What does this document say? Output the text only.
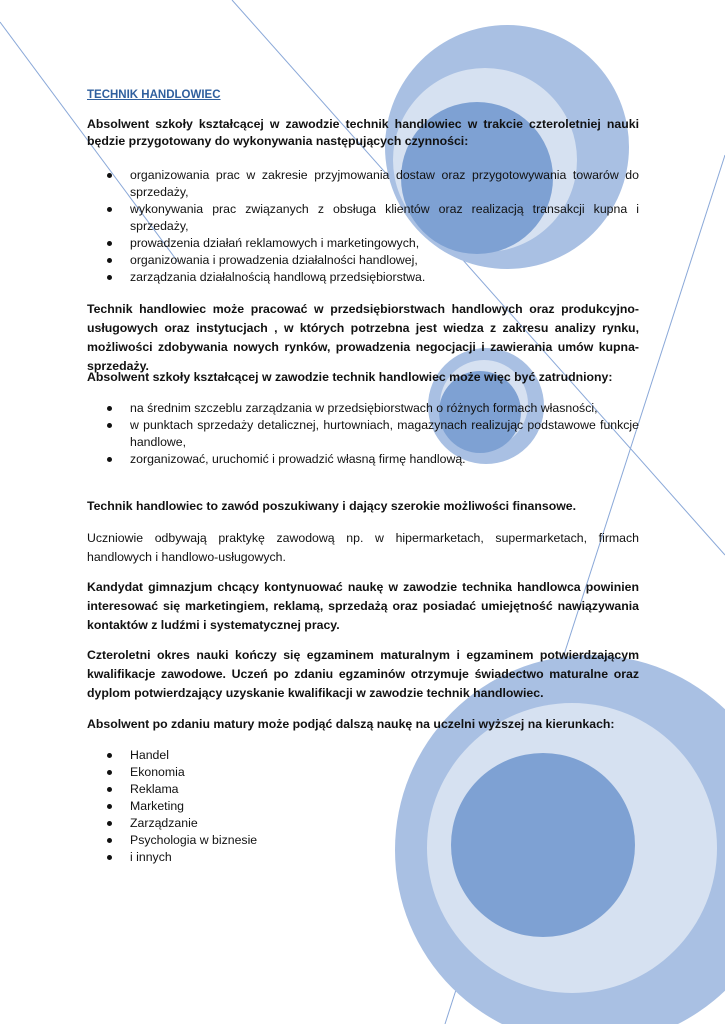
TECHNIK HANDLOWIEC

Absolwent szkoły kształcącej w zawodzie technik handlowiec w trakcie czteroletniej nauki będzie przygotowany do wykonywania następujących czynności:

organizowania prac w zakresie przyjmowania dostaw oraz przygotowywania towarów do sprzedaży,
wykonywania prac związanych z obsługa klientów oraz realizacją transakcji kupna i sprzedaży,
prowadzenia działań reklamowych i marketingowych,
organizowania i prowadzenia działalności handlowej,
zarządzania działalnością handlową przedsiębiorstwa.

Technik handlowiec może pracować w przedsiębiorstwach handlowych oraz produkcyjno-usługowych oraz instytucjach , w których potrzebna jest wiedza z zakresu analizy rynku, możliwości zdobywania nowych rynków, prowadzenia negocjacji i zawierania umów kupna-sprzedaży.

Absolwent szkoły kształcącej w zawodzie technik handlowiec może więc być zatrudniony:

na średnim szczeblu zarządzania w przedsiębiorstwach o różnych formach własności,
w punktach sprzedaży detalicznej, hurtowniach, magazynach realizując podstawowe funkcje handlowe,
zorganizować, uruchomić i prowadzić własną firmę handlową.

Technik handlowiec to zawód poszukiwany i dający szerokie możliwości finansowe.

Uczniowie odbywają praktykę zawodową np. w hipermarketach, supermarketach, firmach handlowych i handlowo-usługowych.

Kandydat gimnazjum chcący kontynuować naukę w zawodzie technika handlowca powinien interesować się marketingiem, reklamą, sprzedażą oraz posiadać umiejętność nawiązywania kontaktów z ludźmi i systematycznej pracy.

Czteroletni okres nauki kończy się egzaminem maturalnym i egzaminem potwierdzającym kwalifikacje zawodowe. Uczeń po zdaniu egzaminów otrzymuje świadectwo maturalne oraz dyplom potwierdzający uzyskanie kwalifikacji w zawodzie technik handlowiec.

Absolwent po zdaniu matury może podjąć dalszą naukę na uczelni wyższej na kierunkach:

Handel
Ekonomia
Reklama
Marketing
Zarządzanie
Psychologia w biznesie
i innych
